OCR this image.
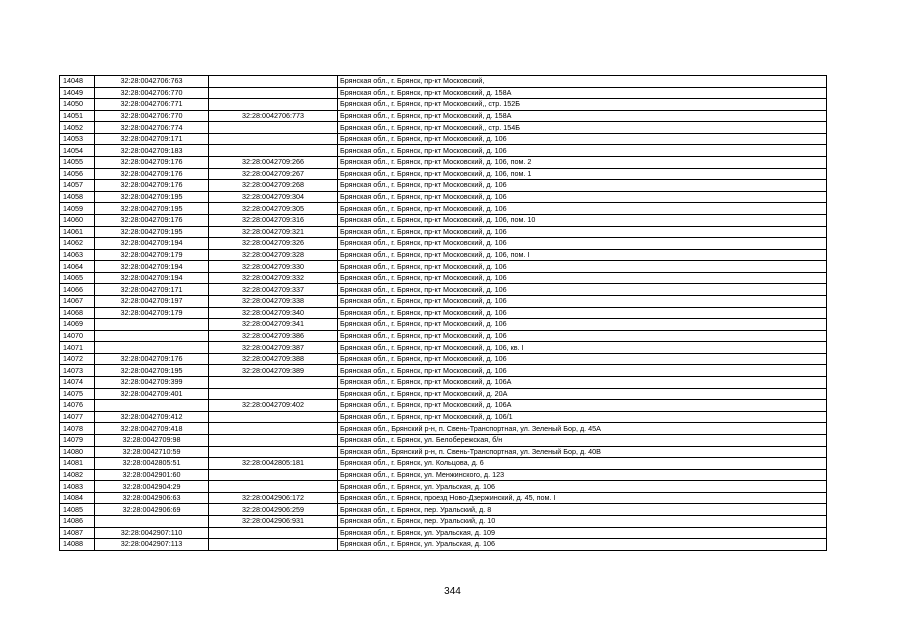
14048	32:28:0042706:763		Брянская обл., г. Брянск, пр-кт Московский,
14049	32:28:0042706:770		Брянская обл., г. Брянск, пр-кт Московский, д. 158А
14050	32:28:0042706:771		Брянская обл., г. Брянск, пр-кт Московский,, стр. 152Б
14051	32:28:0042706:770	32:28:0042706:773	Брянская обл., г. Брянск, пр-кт Московский, д. 158А
14052	32:28:0042706:774		Брянская обл., г. Брянск, пр-кт Московский,, стр. 154Б
14053	32:28:0042709:171		Брянская обл., г. Брянск, пр-кт Московский, д. 106
14054	32:28:0042709:183		Брянская обл., г. Брянск, пр-кт Московский, д. 106
14055	32:28:0042709:176	32:28:0042709:266	Брянская обл., г. Брянск, пр-кт Московский, д. 106, пом. 2
14056	32:28:0042709:176	32:28:0042709:267	Брянская обл., г. Брянск, пр-кт Московский, д. 106, пом. 1
14057	32:28:0042709:176	32:28:0042709:268	Брянская обл., г. Брянск, пр-кт Московский, д. 106
14058	32:28:0042709:195	32:28:0042709:304	Брянская обл., г. Брянск, пр-кт Московский, д. 106
14059	32:28:0042709:195	32:28:0042709:305	Брянская обл., г. Брянск, пр-кт Московский, д. 106
14060	32:28:0042709:176	32:28:0042709:316	Брянская обл., г. Брянск, пр-кт Московский, д. 106, пом. 10
14061	32:28:0042709:195	32:28:0042709:321	Брянская обл., г. Брянск, пр-кт Московский, д. 106
14062	32:28:0042709:194	32:28:0042709:326	Брянская обл., г. Брянск, пр-кт Московский, д. 106
14063	32:28:0042709:179	32:28:0042709:328	Брянская обл., г. Брянск, пр-кт Московский, д. 106, пом. I
14064	32:28:0042709:194	32:28:0042709:330	Брянская обл., г. Брянск, пр-кт Московский, д. 106
14065	32:28:0042709:194	32:28:0042709:332	Брянская обл., г. Брянск, пр-кт Московский, д. 106
14066	32:28:0042709:171	32:28:0042709:337	Брянская обл., г. Брянск, пр-кт Московский, д. 106
14067	32:28:0042709:197	32:28:0042709:338	Брянская обл., г. Брянск, пр-кт Московский, д. 106
14068	32:28:0042709:179	32:28:0042709:340	Брянская обл., г. Брянск, пр-кт Московский, д. 106
14069		32:28:0042709:341	Брянская обл., г. Брянск, пр-кт Московский, д. 106
14070		32:28:0042709:386	Брянская обл., г. Брянск, пр-кт Московский, д. 106
14071		32:28:0042709:387	Брянская обл., г. Брянск, пр-кт Московский, д. 106, кв. I
14072	32:28:0042709:176	32:28:0042709:388	Брянская обл., г. Брянск, пр-кт Московский, д. 106
14073	32:28:0042709:195	32:28:0042709:389	Брянская обл., г. Брянск, пр-кт Московский, д. 106
14074	32:28:0042709:399		Брянская обл., г. Брянск, пр-кт Московский, д. 106А
14075	32:28:0042709:401		Брянская обл., г. Брянск, пр-кт Московский, д. 20А
14076		32:28:0042709:402	Брянская обл., г. Брянск, пр-кт Московский, д. 106А
14077	32:28:0042709:412		Брянская обл., г. Брянск, пр-кт Московский, д. 106/1
14078	32:28:0042709:418		Брянская обл., Брянский р-н, п. Свень-Транспортная, ул. Зеленый Бор, д. 45А
14079	32:28:0042709:98		Брянская обл., г. Брянск, ул. Белобережская, б/н
14080	32:28:0042710:59		Брянская обл., Брянский р-н, п. Свень-Транспортная, ул. Зеленый Бор, д. 40В
14081	32:28:0042805:51	32:28:0042805:181	Брянская обл., г. Брянск, ул. Кольцова, д. 6
14082	32:28:0042901:60		Брянская обл., г. Брянск, ул. Менжинского, д. 123
14083	32:28:0042904:29		Брянская обл., г. Брянск, ул. Уральская, д. 106
14084	32:28:0042906:63	32:28:0042906:172	Брянская обл., г. Брянск, проезд Ново-Дзержинский, д. 45, пом. I
14085	32:28:0042906:69	32:28:0042906:259	Брянская обл., г. Брянск, пер. Уральский, д. 8
14086		32:28:0042906:931	Брянская обл., г. Брянск, пер. Уральский, д. 10
14087	32:28:0042907:110		Брянская обл., г. Брянск, ул. Уральская, д. 109
14088	32:28:0042907:113		Брянская обл., г. Брянск, ул. Уральская, д. 106
344
